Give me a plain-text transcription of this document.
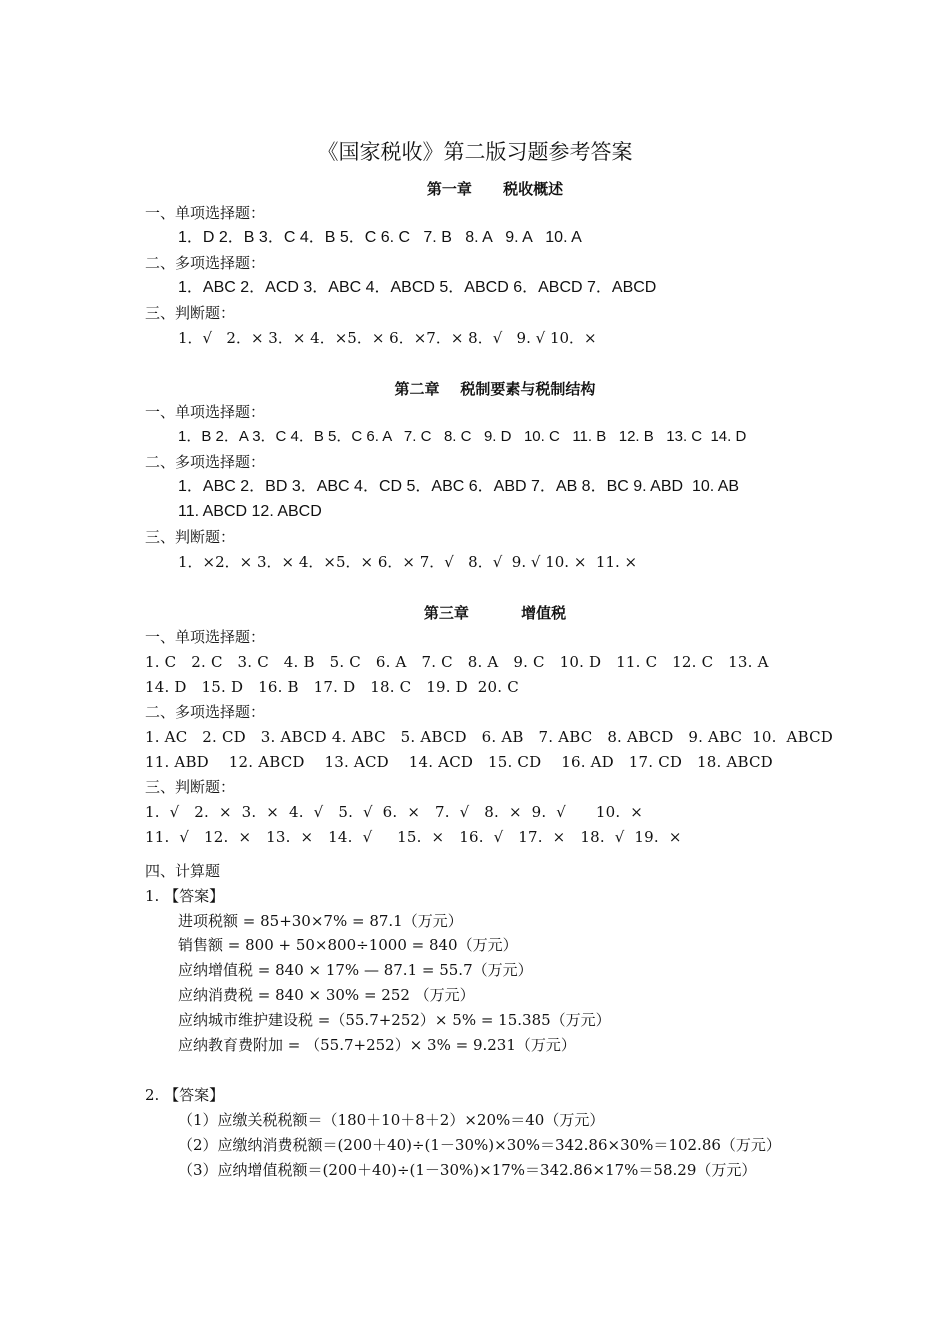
《国家税收》第二版习题参考答案
第一章      税收概述
一、单项选择题：
1．D 2．B 3．C 4．B 5．C 6. C   7. B   8. A   9. A   10. A
二、多项选择题：
1．ABC 2．ACD 3．ABC 4．ABCD 5．ABCD 6．ABCD 7．ABCD
三、判断题：
1．√   2．× 3．× 4．×5．× 6．×7．× 8．√   9. √ 10．×
第二章    税制要素与税制结构
一、单项选择题：
1．B 2．A 3．C 4．B 5．C 6. A   7. C   8. C   9. D   10. C   11. B   12. B   13. C  14. D
二、多项选择题：
1．ABC 2．BD 3．ABC 4．CD 5．ABC 6．ABD 7．AB 8．BC 9. ABD  10. AB
11. ABCD 12. ABCD
三、判断题：
1．×2．× 3．× 4．×5．× 6．× 7．√   8．√  9. √ 10. ×  11. ×
第三章          增值税
一、单项选择题：
1. C   2. C   3. C   4. B   5. C   6. A   7. C   8. A   9. C   10. D   11. C   12. C   13. A
14. D   15. D   16. B   17. D   18. C   19. D  20. C
二、多项选择题：
1. AC   2. CD   3. ABCD 4. ABC   5. ABCD   6. AB   7. ABC   8. ABCD   9. ABC  10.  ABCD
11. ABD    12. ABCD    13. ACD    14. ACD   15. CD    16. AD   17. CD   18. ABCD
三、判断题：
1.  √   2.  ×  3.  ×  4.  √   5.  √  6.  ×   7.  √   8.  ×  9.  √      10.  ×
11.  √   12.  ×   13.  ×   14.  √     15.  ×   16.  √   17.  ×   18.  √  19.  ×
四、计算题
1. 【答案】
进项税额 = 85+30×7% = 87.1（万元）
销售额 = 800 + 50×800÷1000 = 840（万元）
应纳增值税 = 840 × 17% — 87.1 = 55.7（万元）
应纳消费税 = 840 × 30% = 252 （万元）
应纳城市维护建设税 =（55.7+252）× 5% = 15.385（万元）
应纳教育费附加 = （55.7+252）× 3% = 9.231（万元）
2. 【答案】
（1）应缴关税税额＝（180＋10＋8＋2）×20%＝40（万元）
（2）应缴纳消费税额＝(200＋40)÷(1－30%)×30%＝342.86×30%＝102.86（万元）
（3）应纳增值税额＝(200＋40)÷(1－30%)×17%＝342.86×17%＝58.29（万元）
